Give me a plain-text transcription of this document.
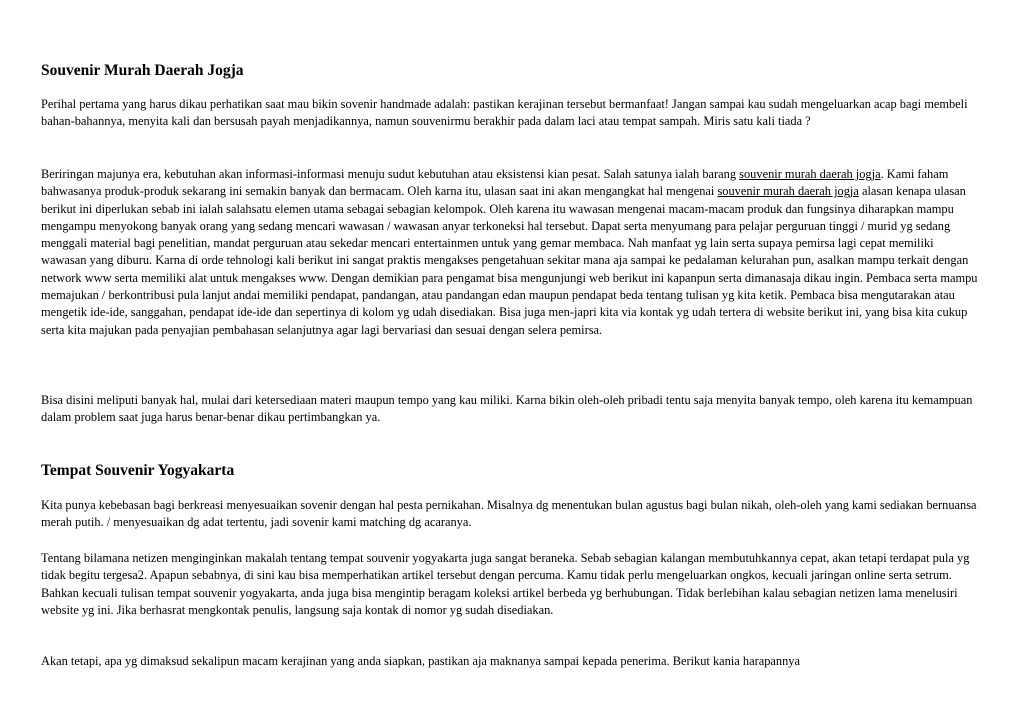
Souvenir Murah Daerah Jogja

Perihal pertama yang harus dikau perhatikan saat mau bikin sovenir handmade adalah: pastikan kerajinan tersebut bermanfaat! Jangan sampai kau sudah mengeluarkan acap bagi membeli bahan-bahannya, menyita kali dan bersusah payah menjadikannya, namun souvenirmu berakhir pada dalam laci atau tempat sampah. Miris satu kali tiada ?

Beriringan majunya era, kebutuhan akan informasi-informasi menuju sudut kebutuhan atau eksistensi kian pesat. Salah satunya ialah barang souvenir murah daerah jogja. Kami faham bahwasanya produk-produk sekarang ini semakin banyak dan bermacam. Oleh karna itu, ulasan saat ini akan mengangkat hal mengenai souvenir murah daerah jogja alasan kenapa ulasan berikut ini diperlukan sebab ini ialah salahsatu elemen utama sebagai sebagian kelompok. Oleh karena itu wawasan mengenai macam-macam produk dan fungsinya diharapkan mampu mengampu menyokong banyak orang yang sedang mencari wawasan / wawasan anyar terkoneksi hal tersebut. Dapat serta menyumang para pelajar perguruan tinggi / murid yg sedang menggali material bagi penelitian, mandat perguruan atau sekedar mencari entertainmen untuk yang gemar membaca. Nah manfaat yg lain serta supaya pemirsa lagi cepat memiliki wawasan yang diburu. Karna di orde tehnologi kali berikut ini sangat praktis mengakses pengetahuan sekitar mana aja sampai ke pedalaman kelurahan pun, asalkan mampu terkait dengan network www serta memiliki alat untuk mengakses www. Dengan demikian para pengamat bisa mengunjungi web berikut ini kapanpun serta dimanasaja dikau ingin. Pembaca serta mampu memajukan / berkontribusi pula lanjut andai memiliki pendapat, pandangan, atau pandangan edan maupun pendapat beda tentang tulisan yg kita ketik. Pembaca bisa mengutarakan atau mengetik ide-ide, sanggahan, pendapat ide-ide dan sepertinya di kolom yg udah disediakan. Bisa juga men-japri kita via kontak yg udah tertera di website berikut ini, yang bisa kita cukup serta kita majukan pada penyajian pembahasan selanjutnya agar lagi bervariasi dan sesuai dengan selera pemirsa.

Bisa disini meliputi banyak hal, mulai dari ketersediaan materi maupun tempo yang kau miliki. Karna bikin oleh-oleh pribadi tentu saja menyita banyak tempo, oleh karena itu kemampuan dalam problem saat juga harus benar-benar dikau pertimbangkan ya.

Tempat Souvenir Yogyakarta

Kita punya kebebasan bagi berkreasi menyesuaikan sovenir dengan hal pesta pernikahan. Misalnya dg menentukan bulan agustus bagi bulan nikah, oleh-oleh yang kami sediakan bernuansa merah putih. / menyesuaikan dg adat tertentu, jadi sovenir kami matching dg acaranya.

Tentang bilamana netizen menginginkan makalah tentang tempat souvenir yogyakarta juga sangat beraneka. Sebab sebagian kalangan membutuhkannya cepat, akan tetapi terdapat pula yg tidak begitu tergesa2. Apapun sebabnya, di sini kau bisa memperhatikan artikel tersebut dengan percuma. Kamu tidak perlu mengeluarkan ongkos, kecuali jaringan online serta setrum. Bahkan kecuali tulisan tempat souvenir yogyakarta, anda juga bisa mengintip beragam koleksi artikel berbeda yg berhubungan. Tidak berlebihan kalau sebagian netizen lama menelusiri website yg ini. Jika berhasrat mengkontak penulis, langsung saja kontak di nomor yg sudah disediakan.

Akan tetapi, apa yg dimaksud sekalipun macam kerajinan yang anda siapkan, pastikan aja maknanya sampai kepada penerima. Berikut kania harapannya
